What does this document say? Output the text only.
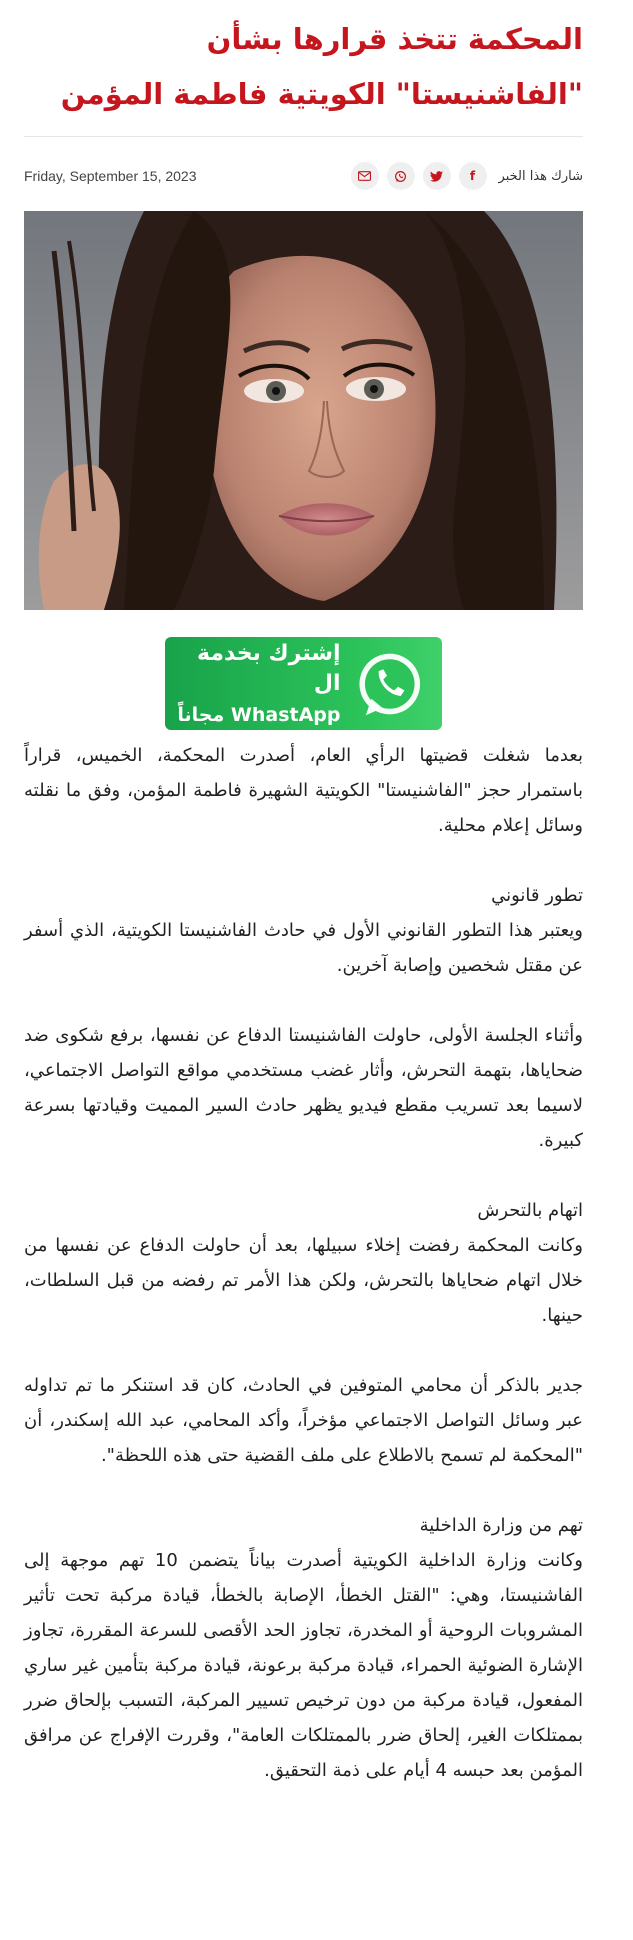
المحكمة تتخذ قرارها بشأن "الفاشنيستا" الكويتية فاطمة المؤمن
Friday, September 15, 2023	شارك هذا الخبر
f
إشترك بخدمة ال
WhastApp مجاناً

بعدما شغلت قضيتها الرأي العام، أصدرت المحكمة، الخميس، قراراً باستمرار حجز "الفاشنيستا" الكويتية الشهيرة فاطمة المؤمن، وفق ما نقلته وسائل إعلام محلية.

تطور قانوني
ويعتبر هذا التطور القانوني الأول في حادث الفاشنيستا الكويتية، الذي أسفر عن مقتل شخصين وإصابة آخرين.

وأثناء الجلسة الأولى، حاولت الفاشنيستا الدفاع عن نفسها، برفع شكوى ضد ضحاياها، بتهمة التحرش، وأثار غضب مستخدمي مواقع التواصل الاجتماعي، لاسيما بعد تسريب مقطع فيديو يظهر حادث السير المميت وقيادتها بسرعة كبيرة.

اتهام بالتحرش
وكانت المحكمة رفضت إخلاء سبيلها، بعد أن حاولت الدفاع عن نفسها من خلال اتهام ضحاياها بالتحرش، ولكن هذا الأمر تم رفضه من قبل السلطات، حينها.

جدير بالذكر أن محامي المتوفين في الحادث، كان قد استنكر ما تم تداوله عبر وسائل التواصل الاجتماعي مؤخراً، وأكد المحامي، عبد الله إسكندر، أن "المحكمة لم تسمح بالاطلاع على ملف القضية حتى هذه اللحظة".

تهم من وزارة الداخلية
وكانت وزارة الداخلية الكويتية أصدرت بياناً يتضمن 10 تهم موجهة إلى الفاشنيستا، وهي: "القتل الخطأ، الإصابة بالخطأ، قيادة مركبة تحت تأثير المشروبات الروحية أو المخدرة، تجاوز الحد الأقصى للسرعة المقررة، تجاوز الإشارة الضوئية الحمراء، قيادة مركبة برعونة، قيادة مركبة بتأمين غير ساري المفعول، قيادة مركبة من دون ترخيص تسيير المركبة، التسبب بإلحاق ضرر بممتلكات الغير، إلحاق ضرر بالممتلكات العامة"، وقررت الإفراج عن مرافق المؤمن بعد حبسه 4 أيام على ذمة التحقيق.
